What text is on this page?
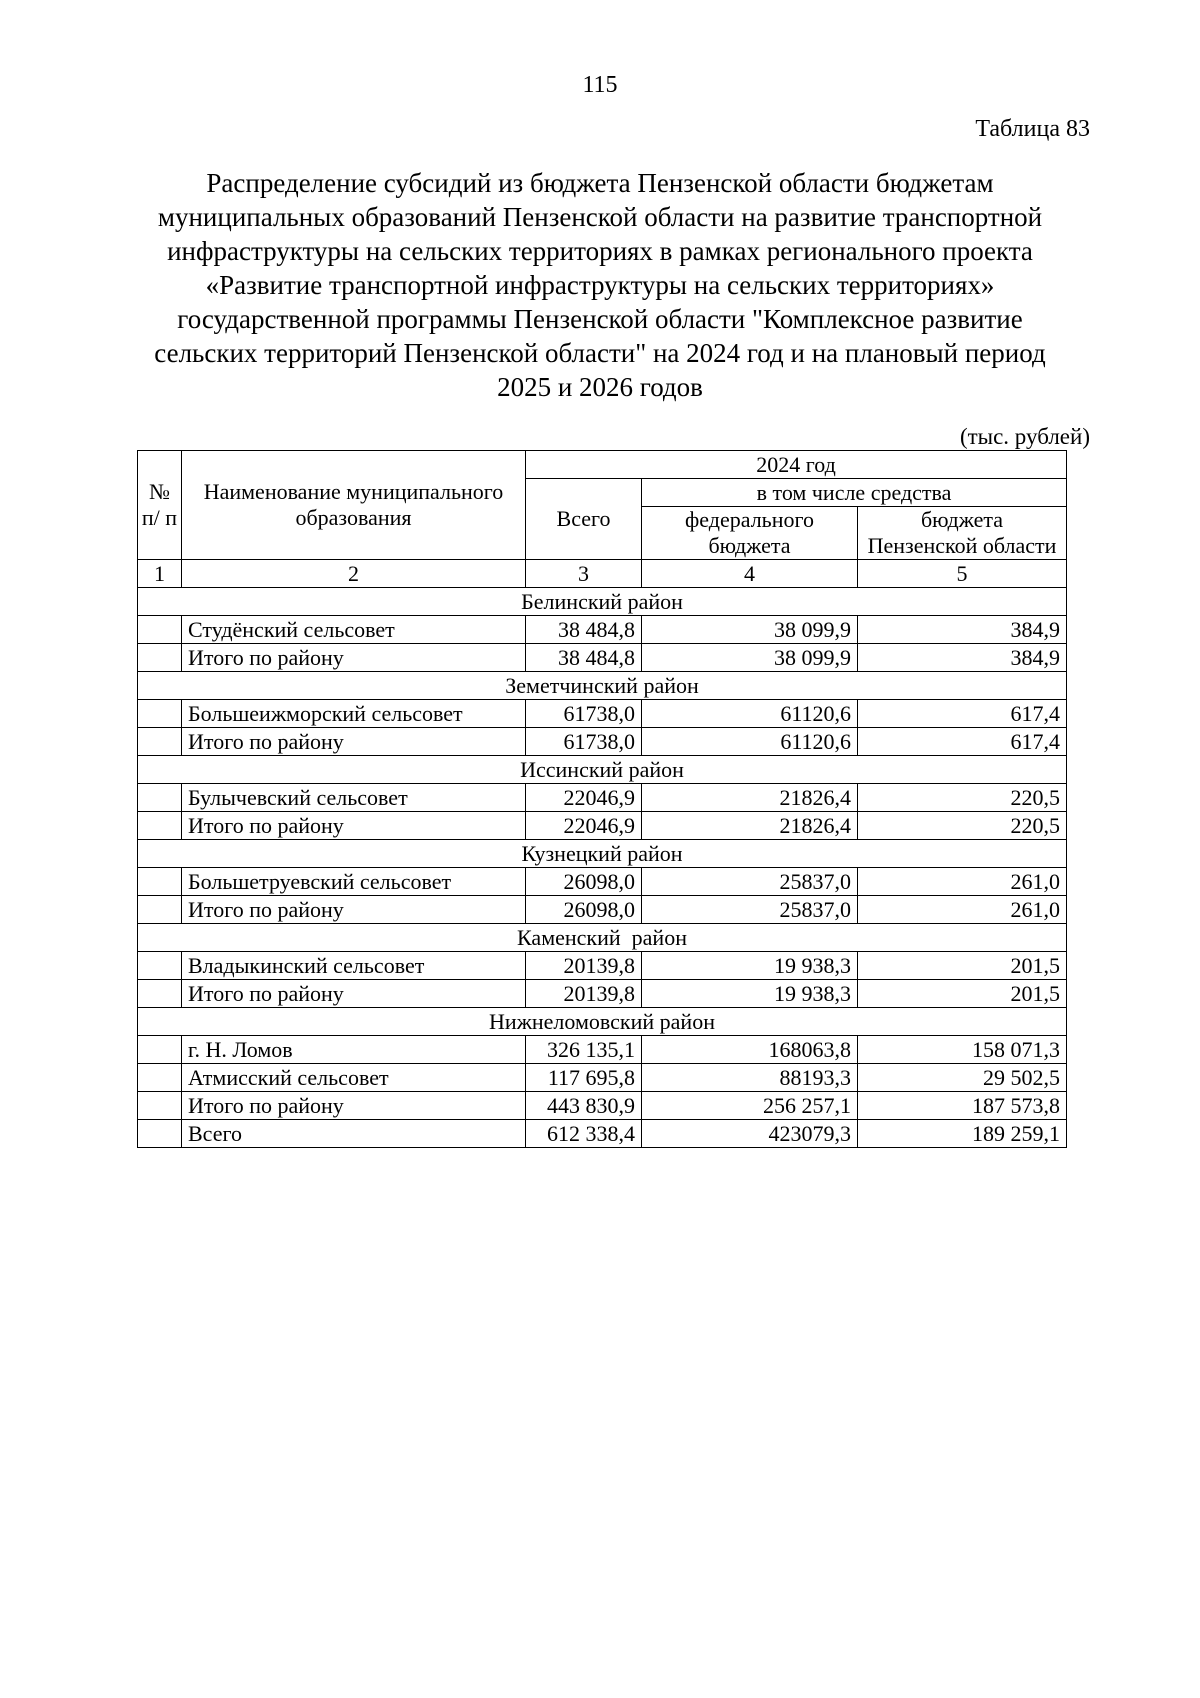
115
Таблица 83
Распределение субсидий из бюджета Пензенской области бюджетам
муниципальных образований Пензенской области на развитие транспортной
инфраструктуры на сельских территориях в рамках регионального проекта
«Развитие транспортной инфраструктуры на сельских территориях»
государственной программы Пензенской области "Комплексное развитие
сельских территорий Пензенской области" на 2024 год и на плановый период
2025 и 2026 годов
(тыс. рублей)
№ п/ п	Наименование муниципального образования	2024 год		
		Всего	в том числе средства	
			федерального бюджета	бюджета Пензенской области
1	2	3	4	5
Белинский район				
	Студёнский сельсовет	38 484,8	38 099,9	384,9
	Итого по району	38 484,8	38 099,9	384,9
Земетчинский район				
	Большеижморский сельсовет	61738,0	61120,6	617,4
	Итого по району	61738,0	61120,6	617,4
Иссинский район				
	Булычевский сельсовет	22046,9	21826,4	220,5
	Итого по району	22046,9	21826,4	220,5
Кузнецкий район				
	Большетруевский сельсовет	26098,0	25837,0	261,0
	Итого по району	26098,0	25837,0	261,0
Каменский  район				
	Владыкинский сельсовет	20139,8	19 938,3	201,5
	Итого по району	20139,8	19 938,3	201,5
Нижнеломовский район				
	г. Н. Ломов	326 135,1	168063,8	158 071,3
	Атмисский сельсовет	117 695,8	88193,3	29 502,5
	Итого по району	443 830,9	256 257,1	187 573,8
	Всего	612 338,4	423079,3	189 259,1
